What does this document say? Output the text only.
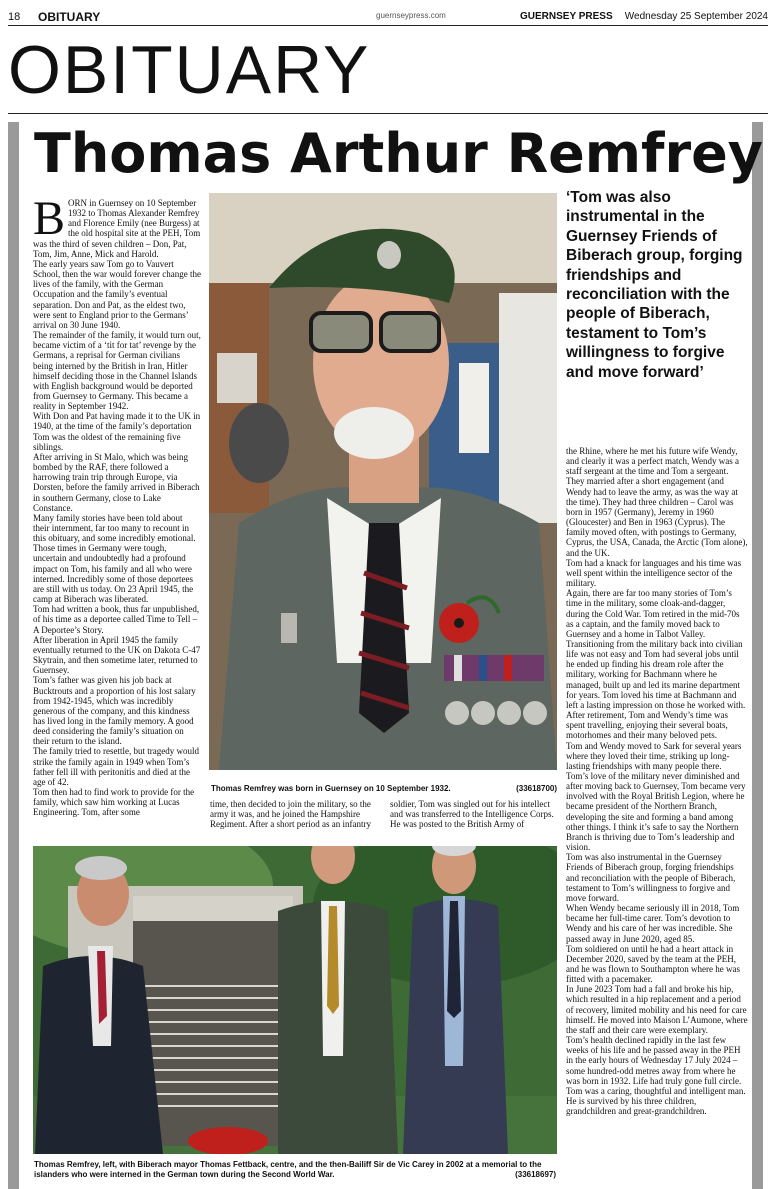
18 OBITUARY	guernseypress.com	GUERNSEY PRESS Wednesday 25 September 2024
OBITUARY
Thomas Arthur Remfrey
Thomas Remfrey was born in Guernsey on 10 September 1932.	(33618700)
Thomas Remfrey, left, with Biberach mayor Thomas Fettback, centre, and the then-Bailiff Sir de Vic Carey in 2002 at a memorial to the islanders who were interned in the German town during the Second World War.	(33618697)
‘Tom was also instrumental in the Guernsey Friends of Biberach group, forging friendships and reconciliation with the people of Biberach, testament to Tom’s willingness to forgive and move forward’

BORN in Guernsey on 10 September 1932 to Thomas Alexander Remfrey and Florence Emily (nee Burgess) at the old hospital site at the PEH, Tom was the third of seven children – Don, Pat, Tom, Jim, Anne, Mick and Harold.

The early years saw Tom go to Vauvert School, then the war would forever change the lives of the family, with the German Occupation and the family’s eventual separation. Don and Pat, as the eldest two, were sent to England prior to the Germans’ arrival on 30 June 1940.

The remainder of the family, it would turn out, became victim of a ‘tit for tat’ revenge by the Germans, a reprisal for German civilians being interned by the British in Iran, Hitler himself deciding those in the Channel Islands with English background would be deported from Guernsey to Germany. This became a reality in September 1942.

With Don and Pat having made it to the UK in 1940, at the time of the family’s deportation Tom was the oldest of the remaining five siblings.

After arriving in St Malo, which was being bombed by the RAF, there followed a harrowing train trip through Europe, via Dorsten, before the family arrived in Biberach in southern Germany, close to Lake Constance.

Many family stories have been told about their internment, far too many to recount in this obituary, and some incredibly emotional.

Those times in Germany were tough, uncertain and undoubtedly had a profound impact on Tom, his family and all who were interned. Incredibly some of those deportees are still with us today. On 23 April 1945, the camp at Biberach was liberated.

Tom had written a book, thus far unpublished, of his time as a deportee called Time to Tell – A Deportee’s Story.

After liberation in April 1945 the family eventually returned to the UK on Dakota C-47 Skytrain, and then sometime later, returned to Guernsey.

Tom’s father was given his job back at Bucktrouts and a proportion of his lost salary from 1942-1945, which was incredibly generous of the company, and this kindness has lived long in the family memory. A good deed considering the family’s situation on their return to the island.

The family tried to resettle, but tragedy would strike the family again in 1949 when Tom’s father fell ill with peritonitis and died at the age of 42.

Tom then had to find work to provide for the family, which saw him working at Lucas Engineering. Tom, after some

time, then decided to join the military, so the army it was, and he joined the Hampshire Regiment. After a short period as an infantry

soldier, Tom was singled out for his intellect and was transferred to the Intelligence Corps. He was posted to the British Army of

the Rhine, where he met his future wife Wendy, and clearly it was a perfect match, Wendy was a staff sergeant at the time and Tom a sergeant.

They married after a short engagement (and Wendy had to leave the army, as was the way at the time). They had three children – Carol was born in 1957 (Germany), Jeremy in 1960 (Gloucester) and Ben in 1963 (Cyprus). The family moved often, with postings to Germany, Cyprus, the USA, Canada, the Arctic (Tom alone), and the UK.

Tom had a knack for languages and his time was well spent within the intelligence sector of the military.

Again, there are far too many stories of Tom’s time in the military, some cloak-and-dagger, during the Cold War. Tom retired in the mid-70s as a captain, and the family moved back to Guernsey and a home in Talbot Valley.

Transitioning from the military back into civilian life was not easy and Tom had several jobs until he ended up finding his dream role after the military, working for Bachmann where he managed, built up and led its marine department for years. Tom loved his time at Bachmann and left a lasting impression on those he worked with.

After retirement, Tom and Wendy’s time was spent travelling, enjoying their several boats, motorhomes and their many beloved pets.

Tom and Wendy moved to Sark for several years where they loved their time, striking up long-lasting friendships with many people there.

Tom’s love of the military never diminished and after moving back to Guernsey, Tom became very involved with the Royal British Legion, where he became president of the Northern Branch, developing the site and forming a band among other things. I think it’s safe to say the Northern Branch is thriving due to Tom’s leadership and vision.

Tom was also instrumental in the Guernsey Friends of Biberach group, forging friendships and reconciliation with the people of Biberach, testament to Tom’s willingness to forgive and move forward.

When Wendy became seriously ill in 2018, Tom became her full-time carer. Tom’s devotion to Wendy and his care of her was incredible. She passed away in June 2020, aged 85.

Tom soldiered on until he had a heart attack in December 2020, saved by the team at the PEH, and he was flown to Southampton where he was fitted with a pacemaker.

In June 2023 Tom had a fall and broke his hip, which resulted in a hip replacement and a period of recovery, limited mobility and his need for care himself. He moved into Maison L’Aumone, where the staff and their care were exemplary.

Tom’s health declined rapidly in the last few weeks of his life and he passed away in the PEH in the early hours of Wednesday 17 July 2024 – some hundred-odd metres away from where he was born in 1932. Life had truly gone full circle.

Tom was a caring, thoughtful and intelligent man. He is survived by his three children, grandchildren and great-grandchildren.
